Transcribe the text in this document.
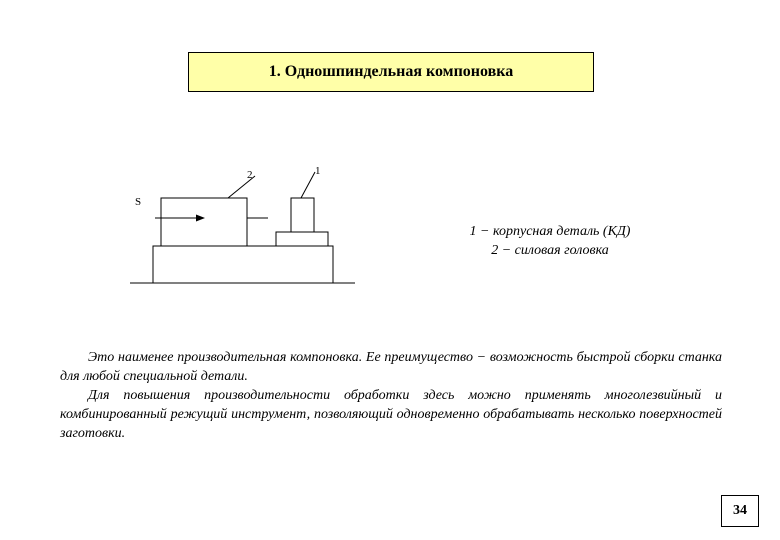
1. Одношпиндельная компоновка
2	1
S
1 − корпусная деталь (КД)
2 − силовая головка

Это наименее производительная компоновка. Ее преимущество − возможность быстрой сборки станка для любой специальной детали.

Для повышения производительности обработки здесь можно применять многолезвийный и комбинированный режущий инструмент, позволяющий одновременно обрабатывать несколько поверхностей заготовки.

34
